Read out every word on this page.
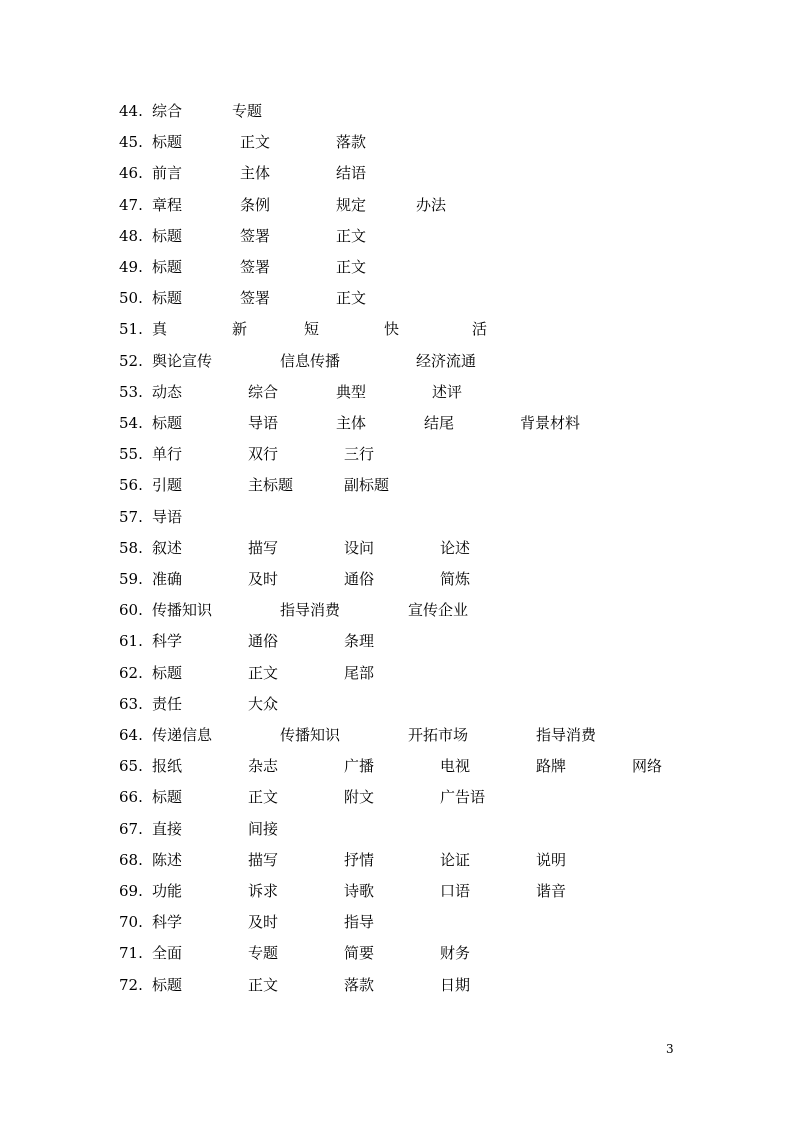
44. 综合	专题
45. 标题	正文	落款
46. 前言	主体	结语
47. 章程	条例	规定	办法
48. 标题	签署	正文
49. 标题	签署	正文
50. 标题	签署	正文
51. 真	新	短	快	活
52. 舆论宣传	信息传播	经济流通
53. 动态	综合	典型	述评
54. 标题	导语	主体	结尾	背景材料
55. 单行	双行	三行
56. 引题	主标题	副标题
57. 导语
58. 叙述	描写	设问	论述
59. 准确	及时	通俗	简炼
60. 传播知识	指导消费	宣传企业
61. 科学	通俗	条理
62. 标题	正文	尾部
63. 责任	大众
64. 传递信息	传播知识	开拓市场	指导消费
65. 报纸	杂志	广播	电视	路牌	网络
66. 标题	正文	附文	广告语
67. 直接	间接
68. 陈述	描写	抒情	论证	说明
69. 功能	诉求	诗歌	口语	谐音
70. 科学	及时	指导
71. 全面	专题	简要	财务
72. 标题	正文	落款	日期
3
